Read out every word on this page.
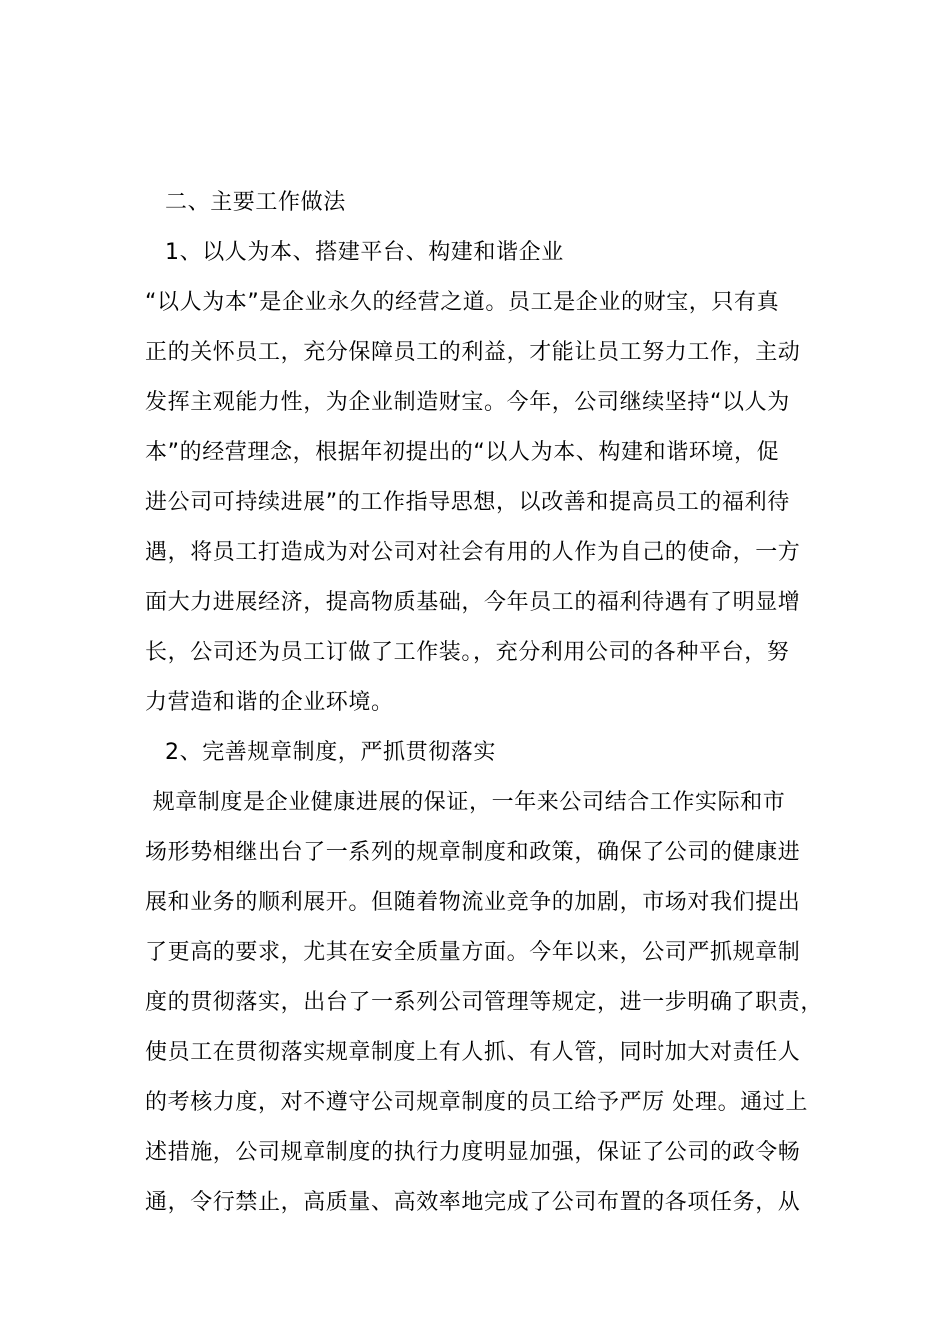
二、主要工作做法
1、以人为本、搭建平台、构建和谐企业
“以人为本”是企业永久的经营之道。员工是企业的财宝，只有真
正的关怀员工，充分保障员工的利益，才能让员工努力工作，主动
发挥主观能力性，为企业制造财宝。今年，公司继续坚持“以人为
本”的经营理念，根据年初提出的“以人为本、构建和谐环境，促
进公司可持续进展”的工作指导思想，以改善和提高员工的福利待
遇，将员工打造成为对公司对社会有用的人作为自己的使命，一方
面大力进展经济，提高物质基础，今年员工的福利待遇有了明显增
长，公司还为员工订做了工作装。，充分利用公司的各种平台，努
力营造和谐的企业环境。
2、完善规章制度，严抓贯彻落实
规章制度是企业健康进展的保证，一年来公司结合工作实际和市
场形势相继出台了一系列的规章制度和政策，确保了公司的健康进
展和业务的顺利展开。但随着物流业竞争的加剧，市场对我们提出
了更高的要求，尤其在安全质量方面。今年以来，公司严抓规章制
度的贯彻落实，出台了一系列公司管理等规定，进一步明确了职责，
使员工在贯彻落实规章制度上有人抓、有人管，同时加大对责任人
的考核力度，对不遵守公司规章制度的员工给予严厉 处理。通过上
述措施，公司规章制度的执行力度明显加强，保证了公司的政令畅
通，令行禁止，高质量、高效率地完成了公司布置的各项任务，从
